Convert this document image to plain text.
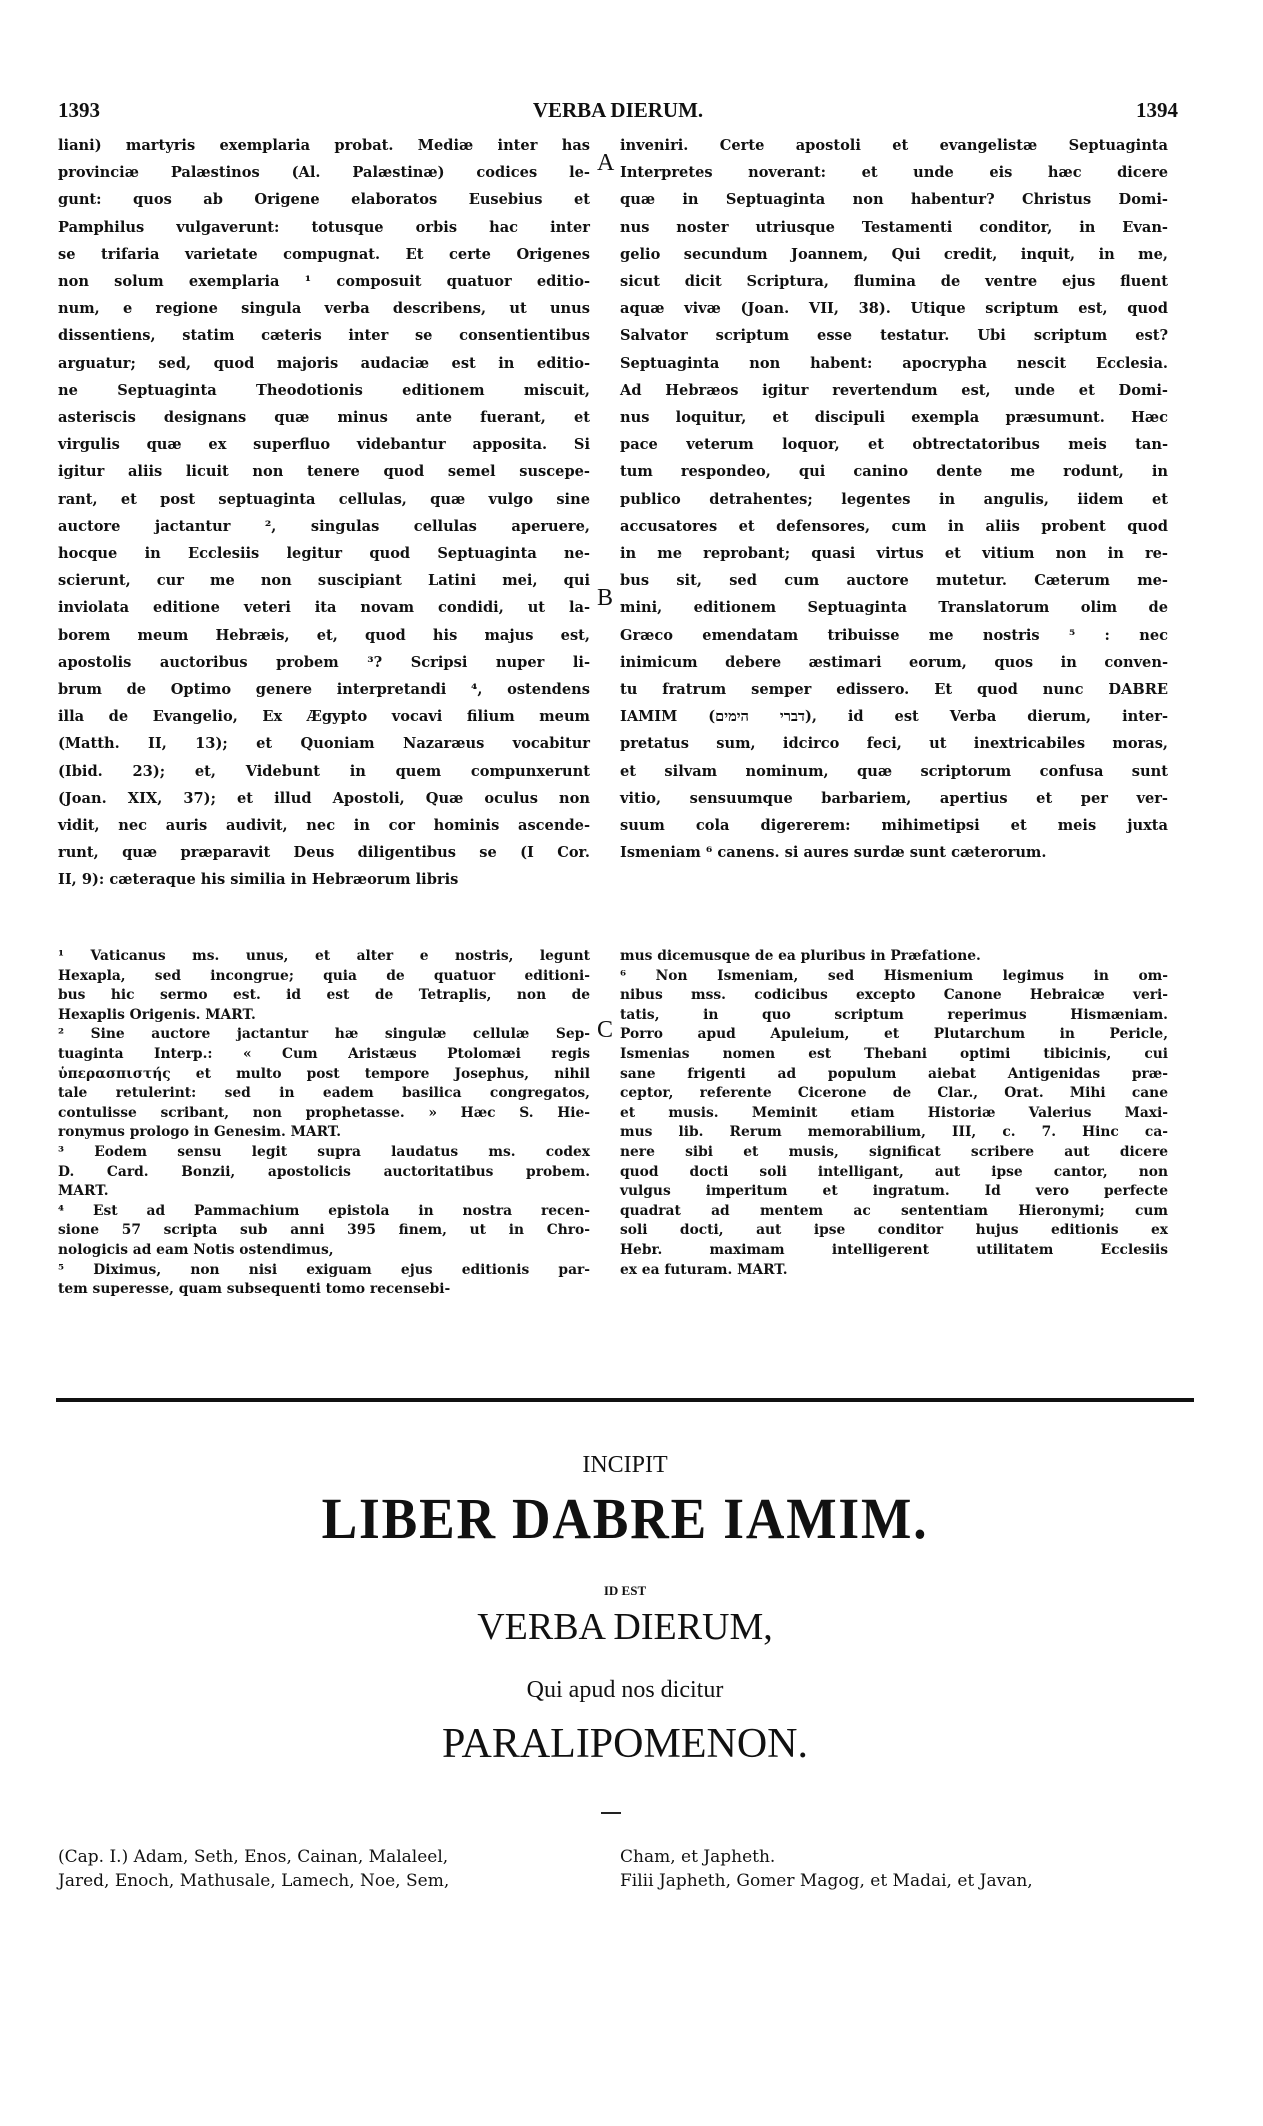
1393	VERBA DIERUM.	1394
liani) martyris exemplaria probat. Mediæ inter has
provinciæ Palæstinos (Al. Palæstinæ) codices le-
gunt: quos ab Origene elaboratos Eusebius et
Pamphilus vulgaverunt: totusque orbis hac inter
se trifaria varietate compugnat. Et certe Origenes
non solum exemplaria ¹ composuit quatuor editio-
num, e regione singula verba describens, ut unus
dissentiens, statim cæteris inter se consentientibus
arguatur; sed, quod majoris audaciæ est in editio-
ne Septuaginta Theodotionis editionem miscuit,
asteriscis designans quæ minus ante fuerant, et
virgulis quæ ex superfluo videbantur apposita. Si
igitur aliis licuit non tenere quod semel suscepe-
rant, et post septuaginta cellulas, quæ vulgo sine
auctore jactantur ², singulas cellulas aperuere,
hocque in Ecclesiis legitur quod Septuaginta ne-
scierunt, cur me non suscipiant Latini mei, qui
inviolata editione veteri ita novam condidi, ut la-
borem meum Hebræis, et, quod his majus est,
apostolis auctoribus probem ³? Scripsi nuper li-
brum de Optimo genere interpretandi ⁴, ostendens
illa de Evangelio, Ex Ægypto vocavi filium meum
(Matth. II, 13); et Quoniam Nazaræus vocabitur
(Ibid. 23); et, Videbunt in quem compunxerunt
(Joan. XIX, 37); et illud Apostoli, Quæ oculus non
vidit, nec auris audivit, nec in cor hominis ascende-
runt, quæ præparavit Deus diligentibus se (I Cor.
II, 9): cæteraque his similia in Hebræorum libris
inveniri. Certe apostoli et evangelistæ Septuaginta
Interpretes noverant: et unde eis hæc dicere
quæ in Septuaginta non habentur? Christus Domi-
nus noster utriusque Testamenti conditor, in Evan-
gelio secundum Joannem, Qui credit, inquit, in me,
sicut dicit Scriptura, flumina de ventre ejus fluent
aquæ vivæ (Joan. VII, 38). Utique scriptum est, quod
Salvator scriptum esse testatur. Ubi scriptum est?
Septuaginta non habent: apocrypha nescit Ecclesia.
Ad Hebræos igitur revertendum est, unde et Domi-
nus loquitur, et discipuli exempla præsumunt. Hæc
pace veterum loquor, et obtrectatoribus meis tan-
tum respondeo, qui canino dente me rodunt, in
publico detrahentes; legentes in angulis, iidem et
accusatores et defensores, cum in aliis probent quod
in me reprobant; quasi virtus et vitium non in re-
bus sit, sed cum auctore mutetur. Cæterum me-
mini, editionem Septuaginta Translatorum olim de
Græco emendatam tribuisse me nostris ⁵ : nec
inimicum debere æstimari eorum, quos in conven-
tu fratrum semper edissero. Et quod nunc DABRE
IAMIM (דברי הימים), id est Verba dierum, inter-
pretatus sum, idcirco feci, ut inextricabiles moras,
et silvam nominum, quæ scriptorum confusa sunt
vitio, sensuumque barbariem, apertius et per ver-
suum cola digererem: mihimetipsi et meis juxta
Ismeniam ⁶ canens. si aures surdæ sunt cæterorum.
A
B
C
¹ Vaticanus ms. unus, et alter e nostris, legunt
Hexapla, sed incongrue; quia de quatuor editioni-
bus hic sermo est. id est de Tetraplis, non de
Hexaplis Origenis. MART.
² Sine auctore jactantur hæ singulæ cellulæ Sep-
tuaginta Interp.: « Cum Aristæus Ptolomæi regis
ὑπερασπιστής et multo post tempore Josephus, nihil
tale retulerint: sed in eadem basilica congregatos,
contulisse scribant, non prophetasse. » Hæc S. Hie-
ronymus prologo in Genesim. MART.
³ Eodem sensu legit supra laudatus ms. codex
D. Card. Bonzii, apostolicis auctoritatibus probem.
MART.
⁴ Est ad Pammachium epistola in nostra recen-
sione 57 scripta sub anni 395 finem, ut in Chro-
nologicis ad eam Notis ostendimus,
⁵ Diximus, non nisi exiguam ejus editionis par-
tem superesse, quam subsequenti tomo recensebi-
mus dicemusque de ea pluribus in Præfatione.
⁶ Non Ismeniam, sed Hismenium legimus in om-
nibus mss. codicibus excepto Canone Hebraicæ veri-
tatis, in quo scriptum reperimus Hismæniam.
Porro apud Apuleium, et Plutarchum in Pericle,
Ismenias nomen est Thebani optimi tibicinis, cui
sane frigenti ad populum aiebat Antigenidas præ-
ceptor, referente Cicerone de Clar., Orat. Mihi cane
et musis. Meminit etiam Historiæ Valerius Maxi-
mus lib. Rerum memorabilium, III, c. 7. Hinc ca-
nere sibi et musis, significat scribere aut dicere
quod docti soli intelligant, aut ipse cantor, non
vulgus imperitum et ingratum. Id vero perfecte
quadrat ad mentem ac sententiam Hieronymi; cum
soli docti, aut ipse conditor hujus editionis ex
Hebr. maximam intelligerent utilitatem Ecclesiis
ex ea futuram. MART.
INCIPIT
LIBER DABRE IAMIM.
ID EST
VERBA DIERUM,
Qui apud nos dicitur
PARALIPOMENON.
(Cap. I.) Adam, Seth, Enos, Cainan, Malaleel,
Jared, Enoch, Mathusale, Lamech, Noe, Sem,
Cham, et Japheth.
Filii Japheth, Gomer Magog, et Madai, et Javan,
